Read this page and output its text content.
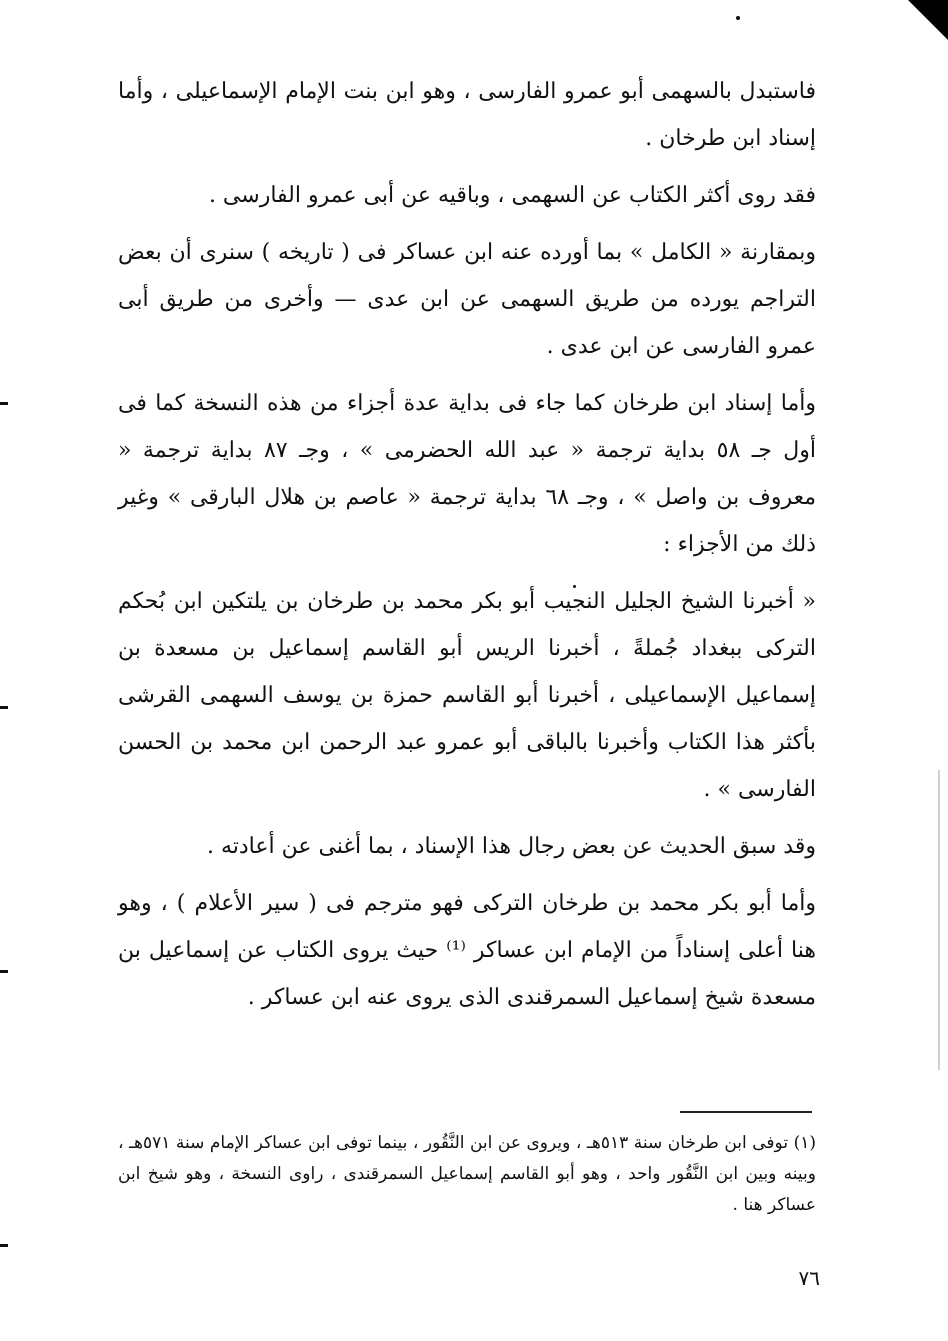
فاستبدل بالسهمى أبو عمرو الفارسى ، وهو ابن بنت الإمام الإسماعيلى ، وأما إسناد ابن طرخان .

فقد روى أكثر الكتاب عن السهمى ، وباقيه عن أبى عمرو الفارسى .

وبمقارنة « الكامل » بما أورده عنه ابن عساكر فى ( تاريخه ) سنرى أن بعض التراجم يورده من طريق السهمى عن ابن عدى — وأخرى من طريق أبى عمرو الفارسى عن ابن عدى .

وأما إسناد ابن طرخان كما جاء فى بداية عدة أجزاء من هذه النسخة كما فى أول جـ ٥٨ بداية ترجمة « عبد الله الحضرمى » ، وجـ ٨٧ بداية ترجمة « معروف بن واصل » ، وجـ ٦٨ بداية ترجمة « عاصم بن هلال البارقى » وغير ذلك من الأجزاء :

« أخبرنا الشيخ الجليل النجيب أبو بكر محمد بن طرخان بن يلتكين ابن بُحكم التركى ببغداد جُملةً ، أخبرنا الريس أبو القاسم إسماعيل بن مسعدة بن إسماعيل الإسماعيلى ، أخبرنا أبو القاسم حمزة بن يوسف السهمى القرشى بأكثر هذا الكتاب وأخبرنا بالباقى أبو عمرو عبد الرحمن ابن محمد بن الحسن الفارسى » .

وقد سبق الحديث عن بعض رجال هذا الإسناد ، بما أغنى عن أعادته .

وأما أبو بكر محمد بن طرخان التركى فهو مترجم فى ( سير الأعلام ) ، وهو هنا أعلى إسناداً من الإمام ابن عساكر ⁽¹⁾ حيث يروى الكتاب عن إسماعيل بن مسعدة شيخ إسماعيل السمرقندى الذى يروى عنه ابن عساكر .

(١) توفى ابن طرخان سنة ٥١٣هـ ، ويروى عن ابن النَّقُور ، بينما توفى ابن عساكر الإمام سنة ٥٧١هـ ، وبينه وبين ابن النَّقُور واحد ، وهو أبو القاسم إسماعيل السمرقندى ، راوى النسخة ، وهو شيخ ابن عساكر هنا .
٧٦
